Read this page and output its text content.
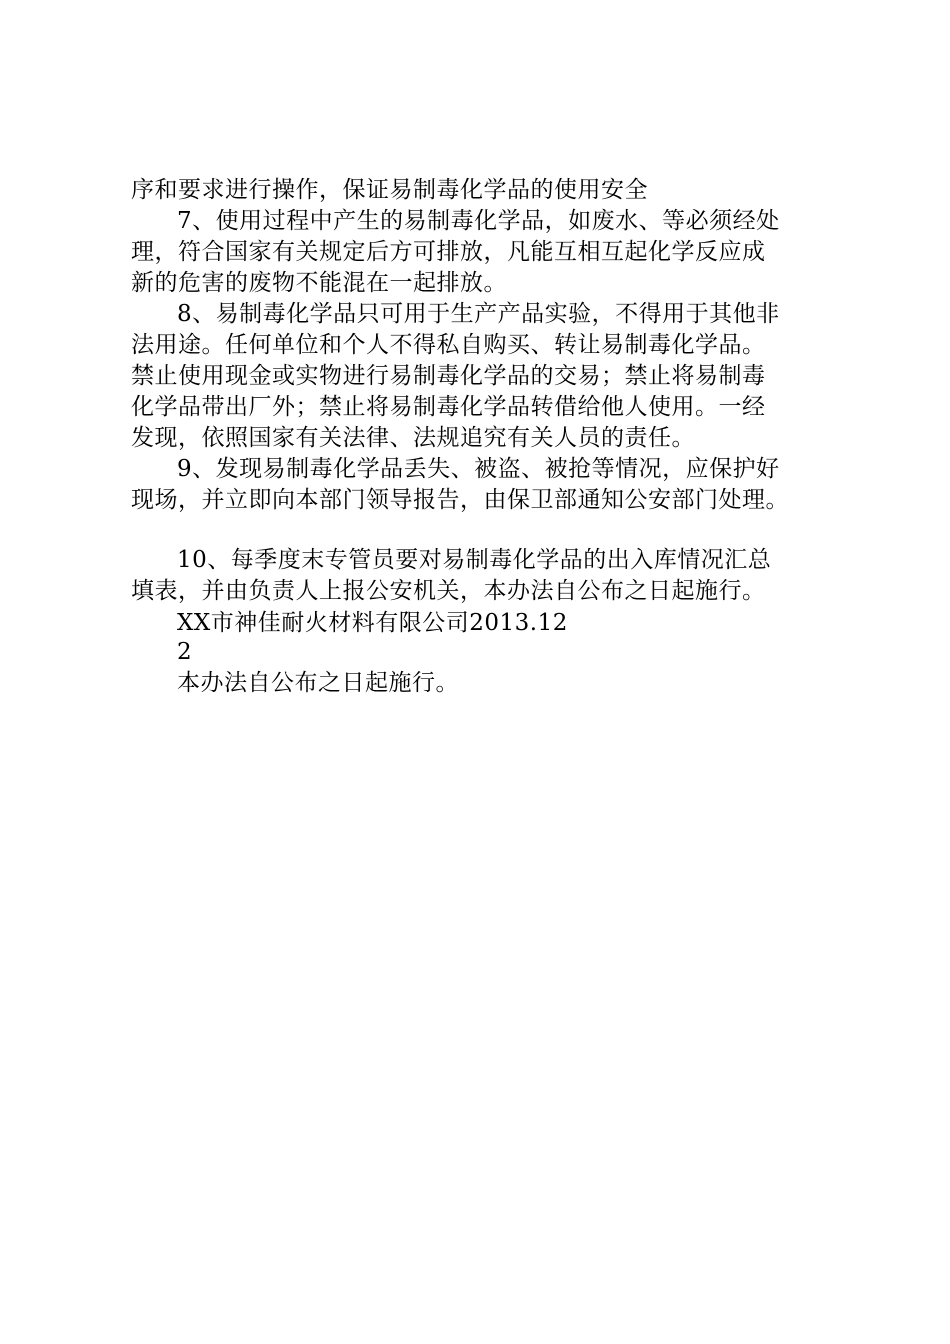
序和要求进行操作，保证易制毒化学品的使用安全

7、使用过程中产生的易制毒化学品，如废水、等必须经处

理，符合国家有关规定后方可排放，凡能互相互起化学反应成

新的危害的废物不能混在一起排放。

8、易制毒化学品只可用于生产产品实验，不得用于其他非

法用途。任何单位和个人不得私自购买、转让易制毒化学品。

禁止使用现金或实物进行易制毒化学品的交易；禁止将易制毒

化学品带出厂外；禁止将易制毒化学品转借给他人使用。一经

发现，依照国家有关法律、法规追究有关人员的责任。

9、发现易制毒化学品丢失、被盗、被抢等情况，应保护好

现场，并立即向本部门领导报告，由保卫部通知公安部门处理。

10、每季度末专管员要对易制毒化学品的出入库情况汇总

填表，并由负责人上报公安机关，本办法自公布之日起施行。

XX市神佳耐火材料有限公司2013.12

2

本办法自公布之日起施行。
